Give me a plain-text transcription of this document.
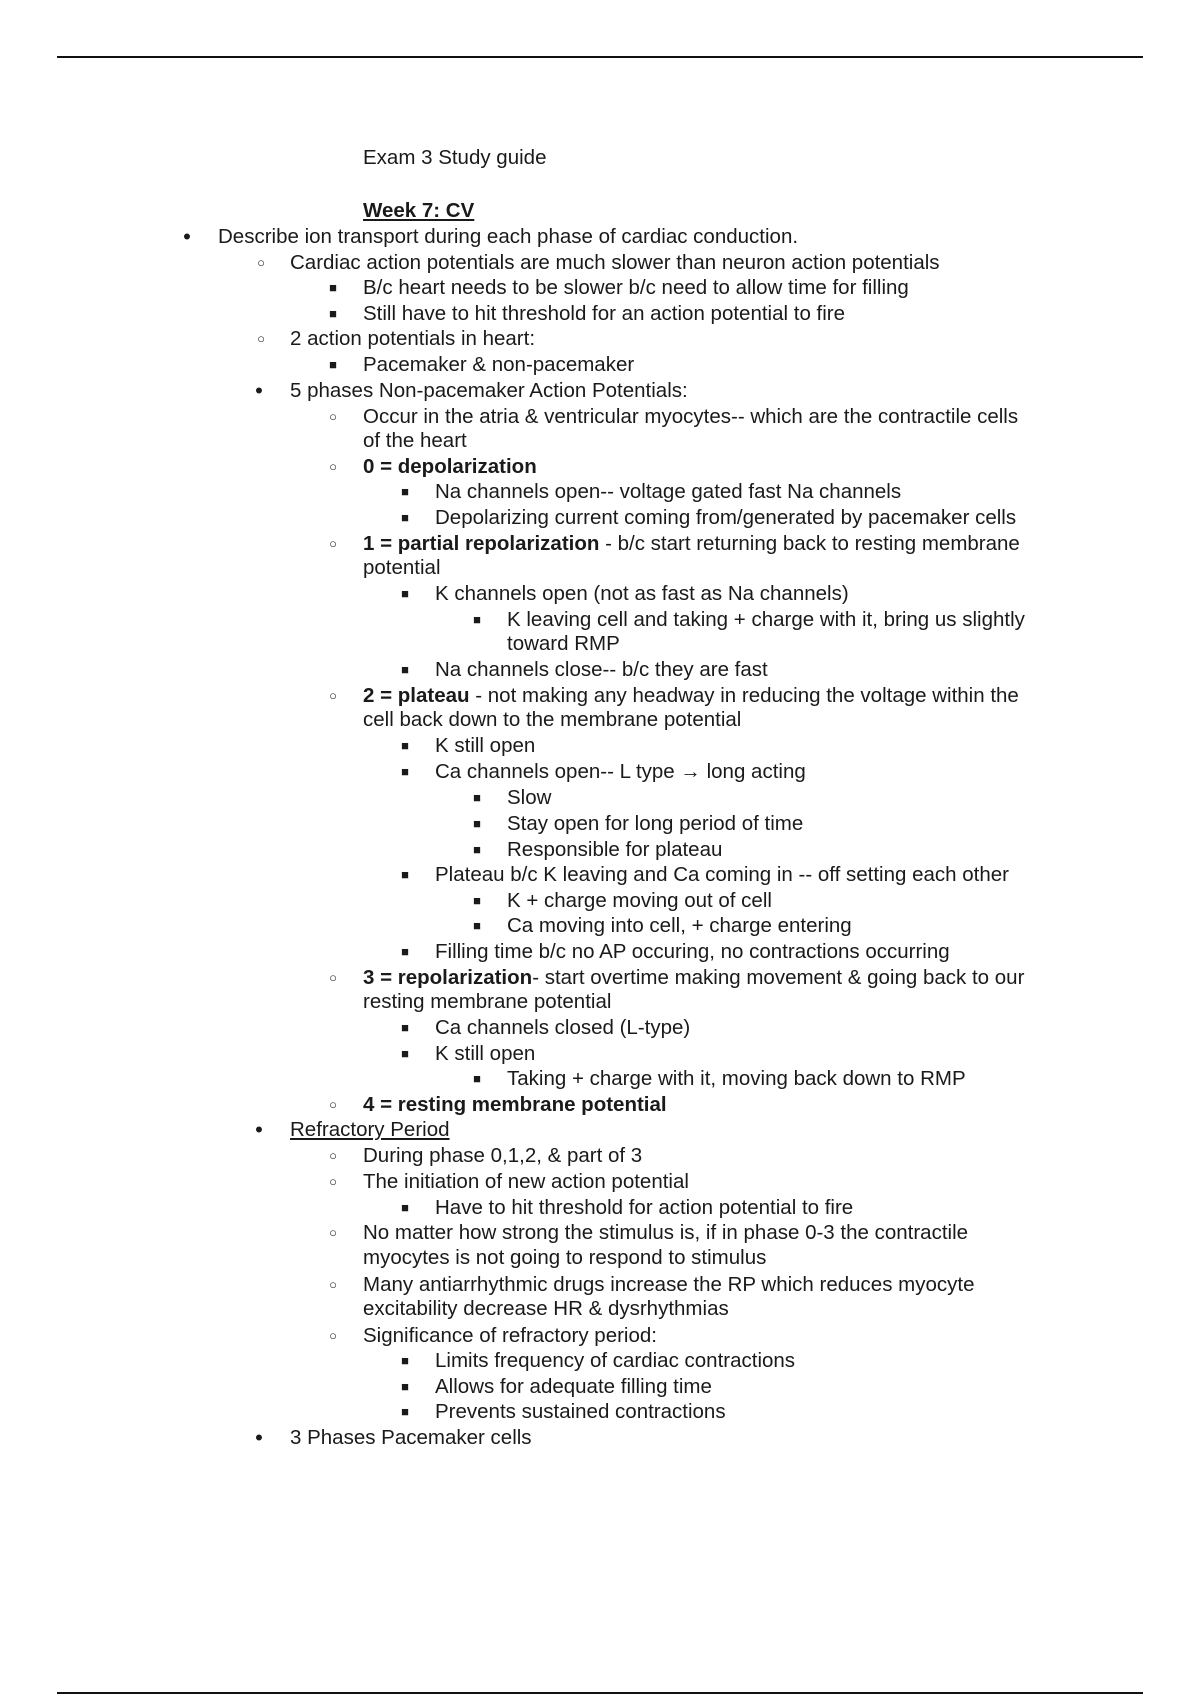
Exam 3 Study guide
Week 7: CV
• Describe ion transport during each phase of cardiac conduction.
○ Cardiac action potentials are much slower than neuron action potentials
■ B/c heart needs to be slower b/c need to allow time for filling
■ Still have to hit threshold for an action potential to fire
○ 2 action potentials in heart:
■ Pacemaker & non-pacemaker
• 5 phases Non-pacemaker Action Potentials:
○ Occur in the atria & ventricular myocytes-- which are the contractile cells
of the heart
○ 0 = depolarization
■ Na channels open-- voltage gated fast Na channels
■ Depolarizing current coming from/generated by pacemaker cells
○ 1 = partial repolarization - b/c start returning back to resting membrane
potential
■ K channels open (not as fast as Na channels)
■ K leaving cell and taking + charge with it, bring us slightly
toward RMP
■ Na channels close-- b/c they are fast
○ 2 = plateau - not making any headway in reducing the voltage within the
cell back down to the membrane potential
■ K still open
■ Ca channels open-- L type → long acting
■ Slow
■ Stay open for long period of time
■ Responsible for plateau
■ Plateau b/c K leaving and Ca coming in -- off setting each other
■ K + charge moving out of cell
■ Ca moving into cell, + charge entering
■ Filling time b/c no AP occuring, no contractions occurring
○ 3 = repolarization- start overtime making movement & going back to our
resting membrane potential
■ Ca channels closed (L-type)
■ K still open
■ Taking + charge with it, moving back down to RMP
○ 4 = resting membrane potential
• Refractory Period
○ During phase 0,1,2, & part of 3
○ The initiation of new action potential
■ Have to hit threshold for action potential to fire
○ No matter how strong the stimulus is, if in phase 0-3 the contractile
myocytes is not going to respond to stimulus
○ Many antiarrhythmic drugs increase the RP which reduces myocyte
excitability decrease HR & dysrhythmias
○ Significance of refractory period:
■ Limits frequency of cardiac contractions
■ Allows for adequate filling time
■ Prevents sustained contractions
• 3 Phases Pacemaker cells
